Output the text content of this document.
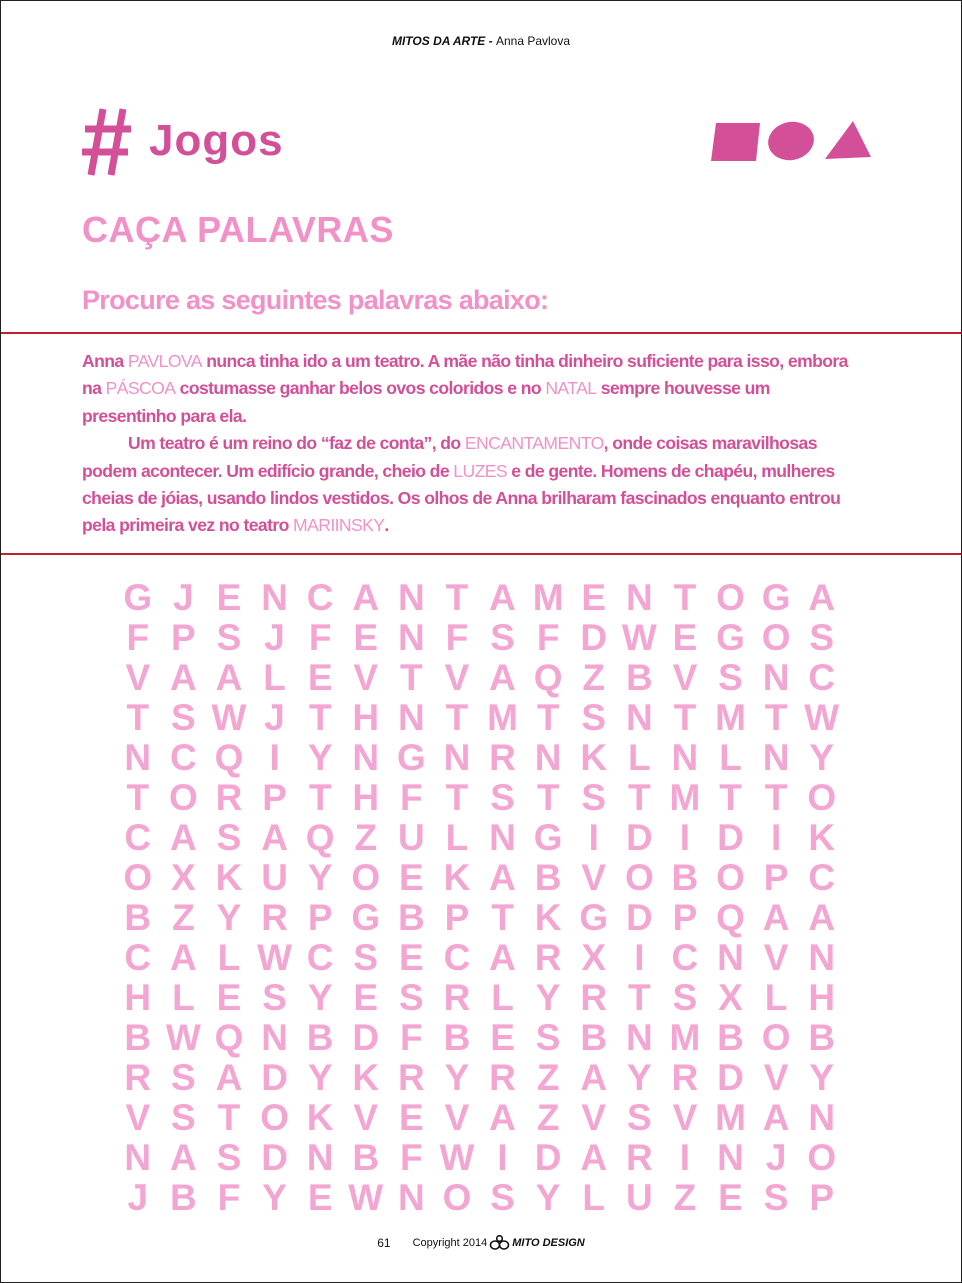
MITOS DA ARTE - Anna Pavlova
Jogos
CAÇA PALAVRAS
Procure as seguintes palavras abaixo:

Anna PAVLOVA nunca tinha ido a um teatro. A mãe não tinha dinheiro suficiente para isso, embora na PÁSCOA costumasse ganhar belos ovos coloridos e no NATAL sempre houvesse um presentinho para ela.

Um teatro é um reino do “faz de conta”, do ENCANTAMENTO, onde coisas maravilhosas podem acontecer. Um edifício grande, cheio de LUZES e de gente. Homens de chapéu, mulheres cheias de jóias, usando lindos vestidos. Os olhos de Anna brilharam fascinados enquanto entrou pela primeira vez no teatro MARIINSKY.

G J E N C A N T A M E N T O G A
F P S J F E N F S F D W E G O S
V A A L E V T V A Q Z B V S N C
T S W J T H N T M T S N T M T W
N C Q I Y N G N R N K L N L N Y
T O R P T H F T S T S T M T T O
C A S A Q Z U L N G I D I D I K
O X K U Y O E K A B V O B O P C
B Z Y R P G B P T K G D P Q A A
C A L W C S E C A R X I C N V N
H L E S Y E S R L Y R T S X L H
B W Q N B D F B E S B N M B O B
R S A D Y K R Y R Z A Y R D V Y
V S T O K V E V A Z V S V M A N
N A S D N B F W I D A R I N J O
J B F Y E W N O S Y L U Z E S P
61 Copyright 2014 MITO DESIGN
